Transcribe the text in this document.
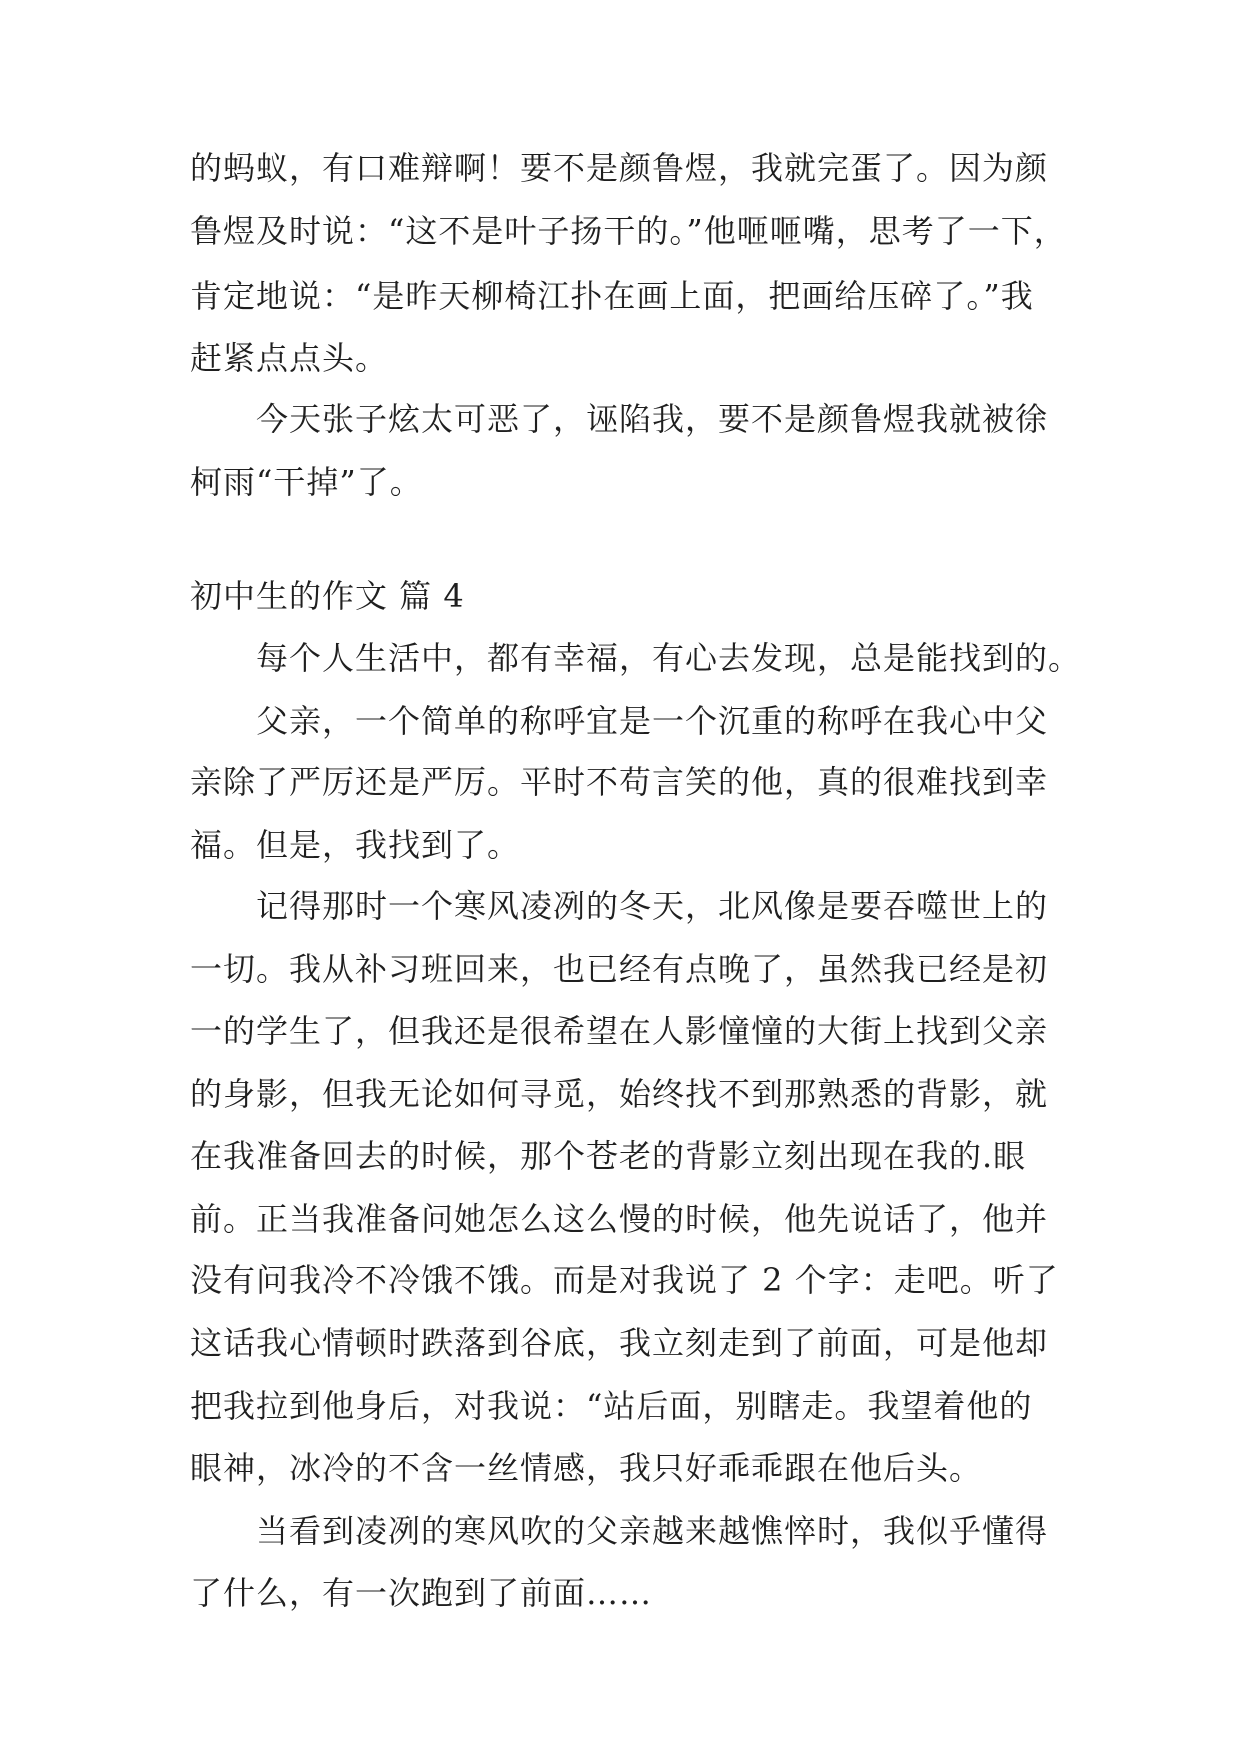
的蚂蚁，有口难辩啊！要不是颜鲁煜，我就完蛋了。因为颜
鲁煜及时说：“这不是叶子扬干的。”他咂咂嘴，思考了一下，
肯定地说：“是昨天柳椅江扑在画上面，把画给压碎了。”我
赶紧点点头。
今天张子炫太可恶了，诬陷我，要不是颜鲁煜我就被徐
柯雨“干掉”了。
初中生的作文 篇 4
每个人生活中，都有幸福，有心去发现，总是能找到的。
父亲，一个简单的称呼宜是一个沉重的称呼在我心中父
亲除了严厉还是严厉。平时不苟言笑的他，真的很难找到幸
福。但是，我找到了。
记得那时一个寒风凌冽的冬天，北风像是要吞噬世上的
一切。我从补习班回来，也已经有点晚了，虽然我已经是初
一的学生了，但我还是很希望在人影憧憧的大街上找到父亲
的身影，但我无论如何寻觅，始终找不到那熟悉的背影，就
在我准备回去的时候，那个苍老的背影立刻出现在我的.眼
前。正当我准备问她怎么这么慢的时候，他先说话了，他并
没有问我冷不冷饿不饿。而是对我说了 2 个字：走吧。听了
这话我心情顿时跌落到谷底，我立刻走到了前面，可是他却
把我拉到他身后，对我说：“站后面，别瞎走。我望着他的
眼神，冰冷的不含一丝情感，我只好乖乖跟在他后头。
当看到凌冽的寒风吹的父亲越来越憔悴时，我似乎懂得
了什么，有一次跑到了前面……
